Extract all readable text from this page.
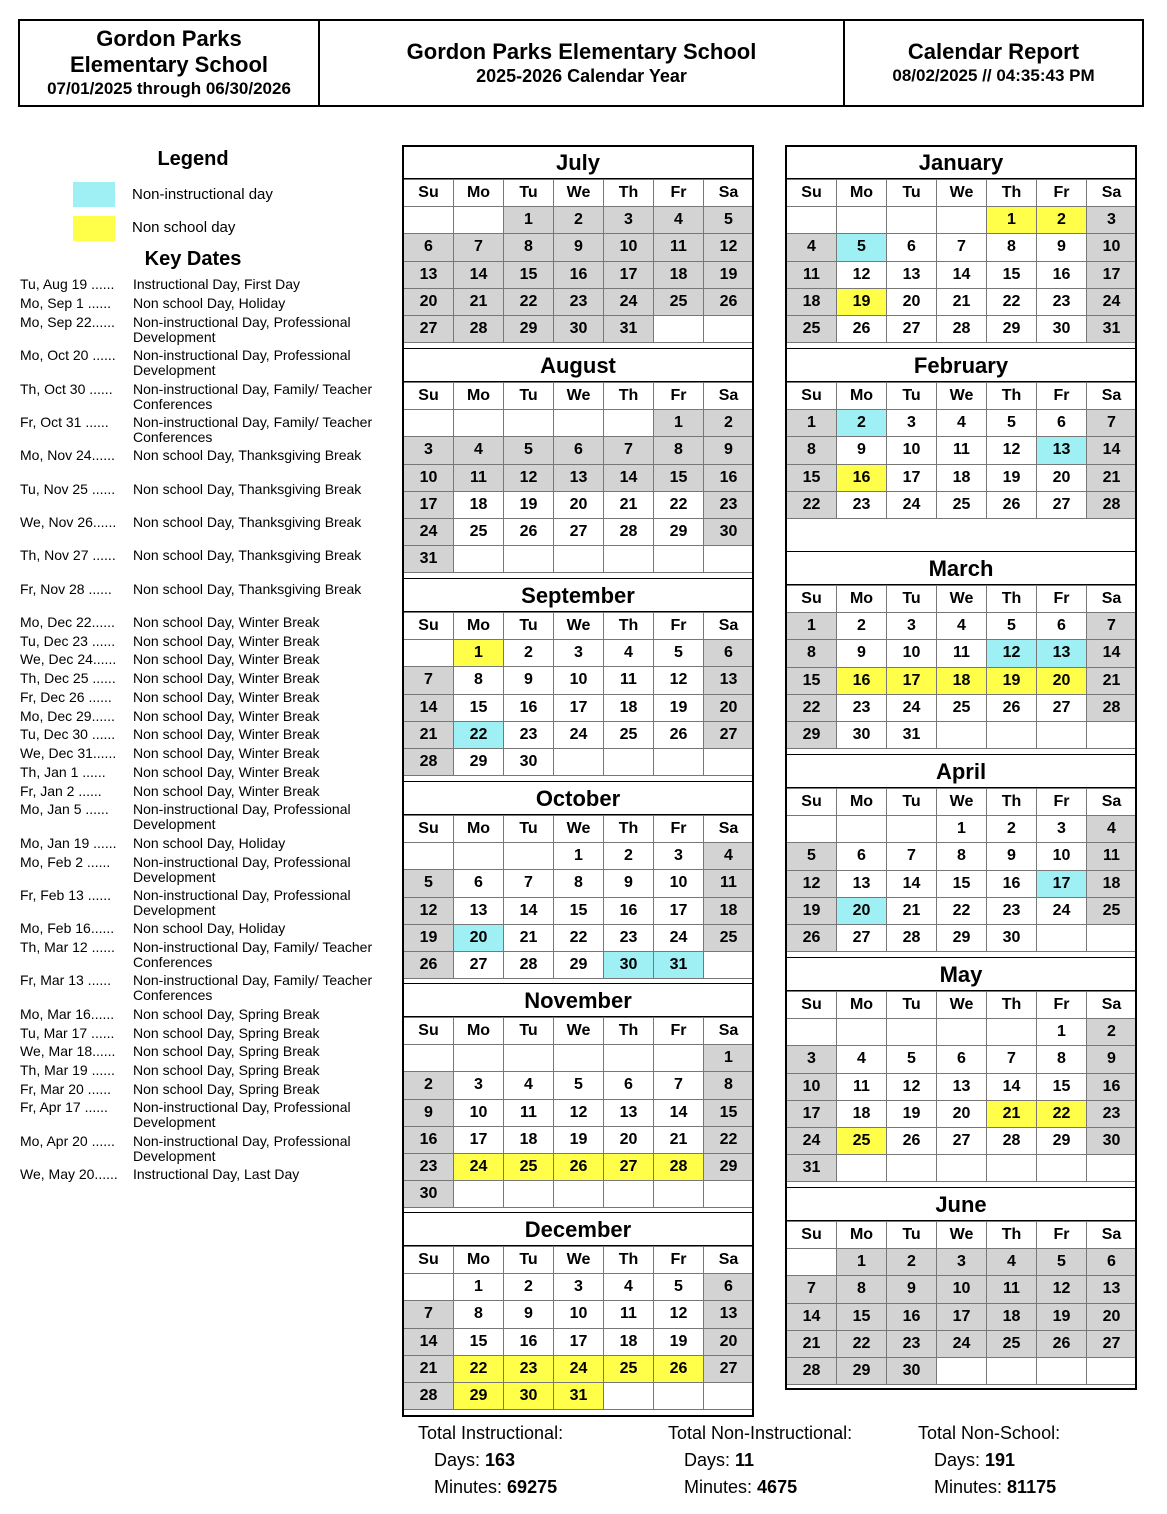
Gordon Parks
Elementary School
07/01/2025 through 06/30/2026
Gordon Parks Elementary School
2025-2026 Calendar Year
Calendar Report
08/02/2025 // 04:35:43 PM
Legend
Non-instructional day
Non school day
Key Dates
Tu, Aug 19 ......	Instructional Day, First Day
Mo, Sep 1 ......	Non school Day, Holiday
Mo, Sep 22......	Non-instructional Day, Professional Development
Mo, Oct 20 ......	Non-instructional Day, Professional Development
Th, Oct 30 ......	Non-instructional Day, Family/ Teacher Conferences
Fr, Oct 31 ......	Non-instructional Day, Family/ Teacher Conferences
Mo, Nov 24......	Non school Day, Thanksgiving Break
Tu, Nov 25 ......	Non school Day, Thanksgiving Break
We, Nov 26......	Non school Day, Thanksgiving Break
Th, Nov 27 ......	Non school Day, Thanksgiving Break
Fr, Nov 28 ......	Non school Day, Thanksgiving Break
Mo, Dec 22......	Non school Day, Winter Break
Tu, Dec 23 ......	Non school Day, Winter Break
We, Dec 24......	Non school Day, Winter Break
Th, Dec 25 ......	Non school Day, Winter Break
Fr, Dec 26 ......	Non school Day, Winter Break
Mo, Dec 29......	Non school Day, Winter Break
Tu, Dec 30 ......	Non school Day, Winter Break
We, Dec 31......	Non school Day, Winter Break
Th, Jan 1 ......	Non school Day, Winter Break
Fr, Jan 2 ......	Non school Day, Winter Break
Mo, Jan 5 ......	Non-instructional Day, Professional Development
Mo, Jan 19 ......	Non school Day, Holiday
Mo, Feb 2 ......	Non-instructional Day, Professional Development
Fr, Feb 13 ......	Non-instructional Day, Professional Development
Mo, Feb 16......	Non school Day, Holiday
Th, Mar 12 ......	Non-instructional Day, Family/ Teacher Conferences
Fr, Mar 13 ......	Non-instructional Day, Family/ Teacher Conferences
Mo, Mar 16......	Non school Day, Spring Break
Tu, Mar 17 ......	Non school Day, Spring Break
We, Mar 18......	Non school Day, Spring Break
Th, Mar 19 ......	Non school Day, Spring Break
Fr, Mar 20 ......	Non school Day, Spring Break
Fr, Apr 17 ......	Non-instructional Day, Professional Development
Mo, Apr 20 ......	Non-instructional Day, Professional Development
We, May 20......	Instructional Day, Last Day
July
Su	Mo	Tu	We	Th	Fr	Sa
		1	2	3	4	5
6	7	8	9	10	11	12
13	14	15	16	17	18	19
20	21	22	23	24	25	26
27	28	29	30	31		
August
Su	Mo	Tu	We	Th	Fr	Sa
					1	2
3	4	5	6	7	8	9
10	11	12	13	14	15	16
17	18	19	20	21	22	23
24	25	26	27	28	29	30
31						
September
Su	Mo	Tu	We	Th	Fr	Sa
	1	2	3	4	5	6
7	8	9	10	11	12	13
14	15	16	17	18	19	20
21	22	23	24	25	26	27
28	29	30				
October
Su	Mo	Tu	We	Th	Fr	Sa
			1	2	3	4
5	6	7	8	9	10	11
12	13	14	15	16	17	18
19	20	21	22	23	24	25
26	27	28	29	30	31	
November
Su	Mo	Tu	We	Th	Fr	Sa
						1
2	3	4	5	6	7	8
9	10	11	12	13	14	15
16	17	18	19	20	21	22
23	24	25	26	27	28	29
30						
December
Su	Mo	Tu	We	Th	Fr	Sa
	1	2	3	4	5	6
7	8	9	10	11	12	13
14	15	16	17	18	19	20
21	22	23	24	25	26	27
28	29	30	31			
January
Su	Mo	Tu	We	Th	Fr	Sa
				1	2	3
4	5	6	7	8	9	10
11	12	13	14	15	16	17
18	19	20	21	22	23	24
25	26	27	28	29	30	31
February
Su	Mo	Tu	We	Th	Fr	Sa
1	2	3	4	5	6	7
8	9	10	11	12	13	14
15	16	17	18	19	20	21
22	23	24	25	26	27	28
March
Su	Mo	Tu	We	Th	Fr	Sa
1	2	3	4	5	6	7
8	9	10	11	12	13	14
15	16	17	18	19	20	21
22	23	24	25	26	27	28
29	30	31				
April
Su	Mo	Tu	We	Th	Fr	Sa
			1	2	3	4
5	6	7	8	9	10	11
12	13	14	15	16	17	18
19	20	21	22	23	24	25
26	27	28	29	30		
May
Su	Mo	Tu	We	Th	Fr	Sa
					1	2
3	4	5	6	7	8	9
10	11	12	13	14	15	16
17	18	19	20	21	22	23
24	25	26	27	28	29	30
31						
June
Su	Mo	Tu	We	Th	Fr	Sa
	1	2	3	4	5	6
7	8	9	10	11	12	13
14	15	16	17	18	19	20
21	22	23	24	25	26	27
28	29	30				
Total Instructional:
Days: 163
Minutes: 69275
Total Non-Instructional:
Days: 11
Minutes: 4675
Total Non-School:
Days: 191
Minutes: 81175
